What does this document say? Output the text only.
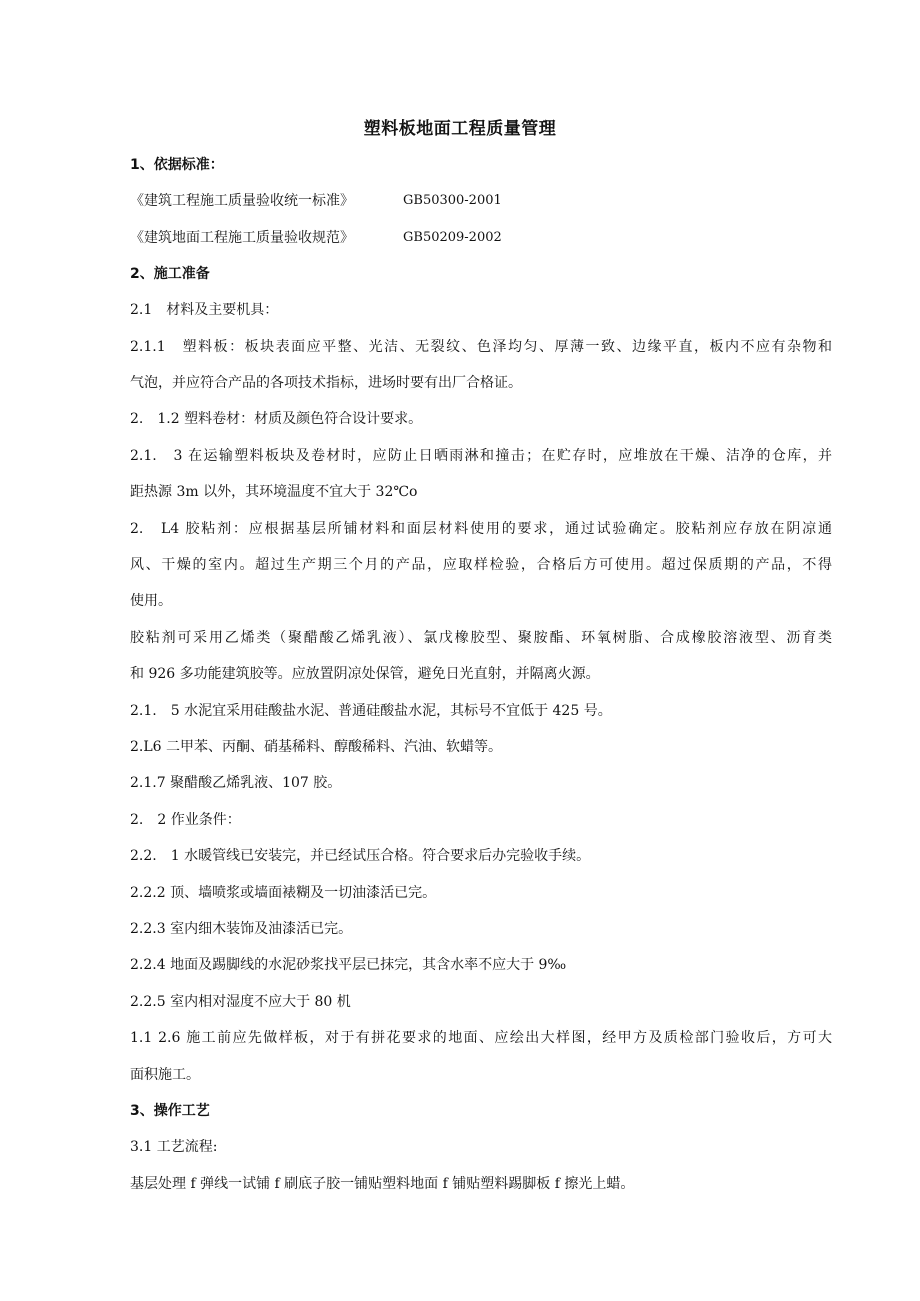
塑料板地面工程质量管理
1、依据标准：
《建筑工程施工质量验收统一标准》	GB50300-2001
《建筑地面工程施工质量验收规范》	GB50209-2002
2、施工准备
2.1　材料及主要机具：
2.1.1　塑料板：板块表面应平整、光洁、无裂纹、色泽均匀、厚薄一致、边缘平直，板内不应有杂物和
气泡，并应符合产品的各项技术指标，进场时要有出厂合格证。
2.　1.2 塑料卷材：材质及颜色符合设计要求。
2.1.　3 在运输塑料板块及卷材时，应防止日晒雨淋和撞击；在贮存时，应堆放在干燥、洁净的仓库，并
距热源 3m 以外，其环境温度不宜大于 32℃o
2.　L4 胶粘剂：应根据基层所铺材料和面层材料使用的要求，通过试验确定。胶粘剂应存放在阴凉通
风、干燥的室内。超过生产期三个月的产品，应取样检验，合格后方可使用。超过保质期的产品，不得
使用。
胶粘剂可采用乙烯类（聚醋酸乙烯乳液）、氯戊橡胶型、聚胺酯、环氧树脂、合成橡胶溶液型、沥育类
和 926 多功能建筑胶等。应放置阴凉处保管，避免日光直射，并隔离火源。
2.1.　5 水泥宜采用硅酸盐水泥、普通硅酸盐水泥，其标号不宜低于 425 号。
2.L6 二甲苯、丙酮、硝基稀料、醇酸稀料、汽油、软蜡等。
2.1.7 聚醋酸乙烯乳液、107 胶。
2.　2 作业条件：
2.2.　1 水暖管线已安装完，并已经试压合格。符合要求后办完验收手续。
2.2.2 顶、墙喷浆或墙面裱糊及一切油漆活已完。
2.2.3 室内细木装饰及油漆活已完。
2.2.4 地面及踢脚线的水泥砂浆找平层已抹完，其含水率不应大于 9‰
2.2.5 室内相对湿度不应大于 80 机
1.1 2.6 施工前应先做样板，对于有拼花要求的地面、应绘出大样图，经甲方及质检部门验收后，方可大
面积施工。
3、操作工艺
3.1 工艺流程:
基层处理 f 弹线一试铺 f 刷底子胶一铺贴塑料地面 f 铺贴塑料踢脚板 f 擦光上蜡。
